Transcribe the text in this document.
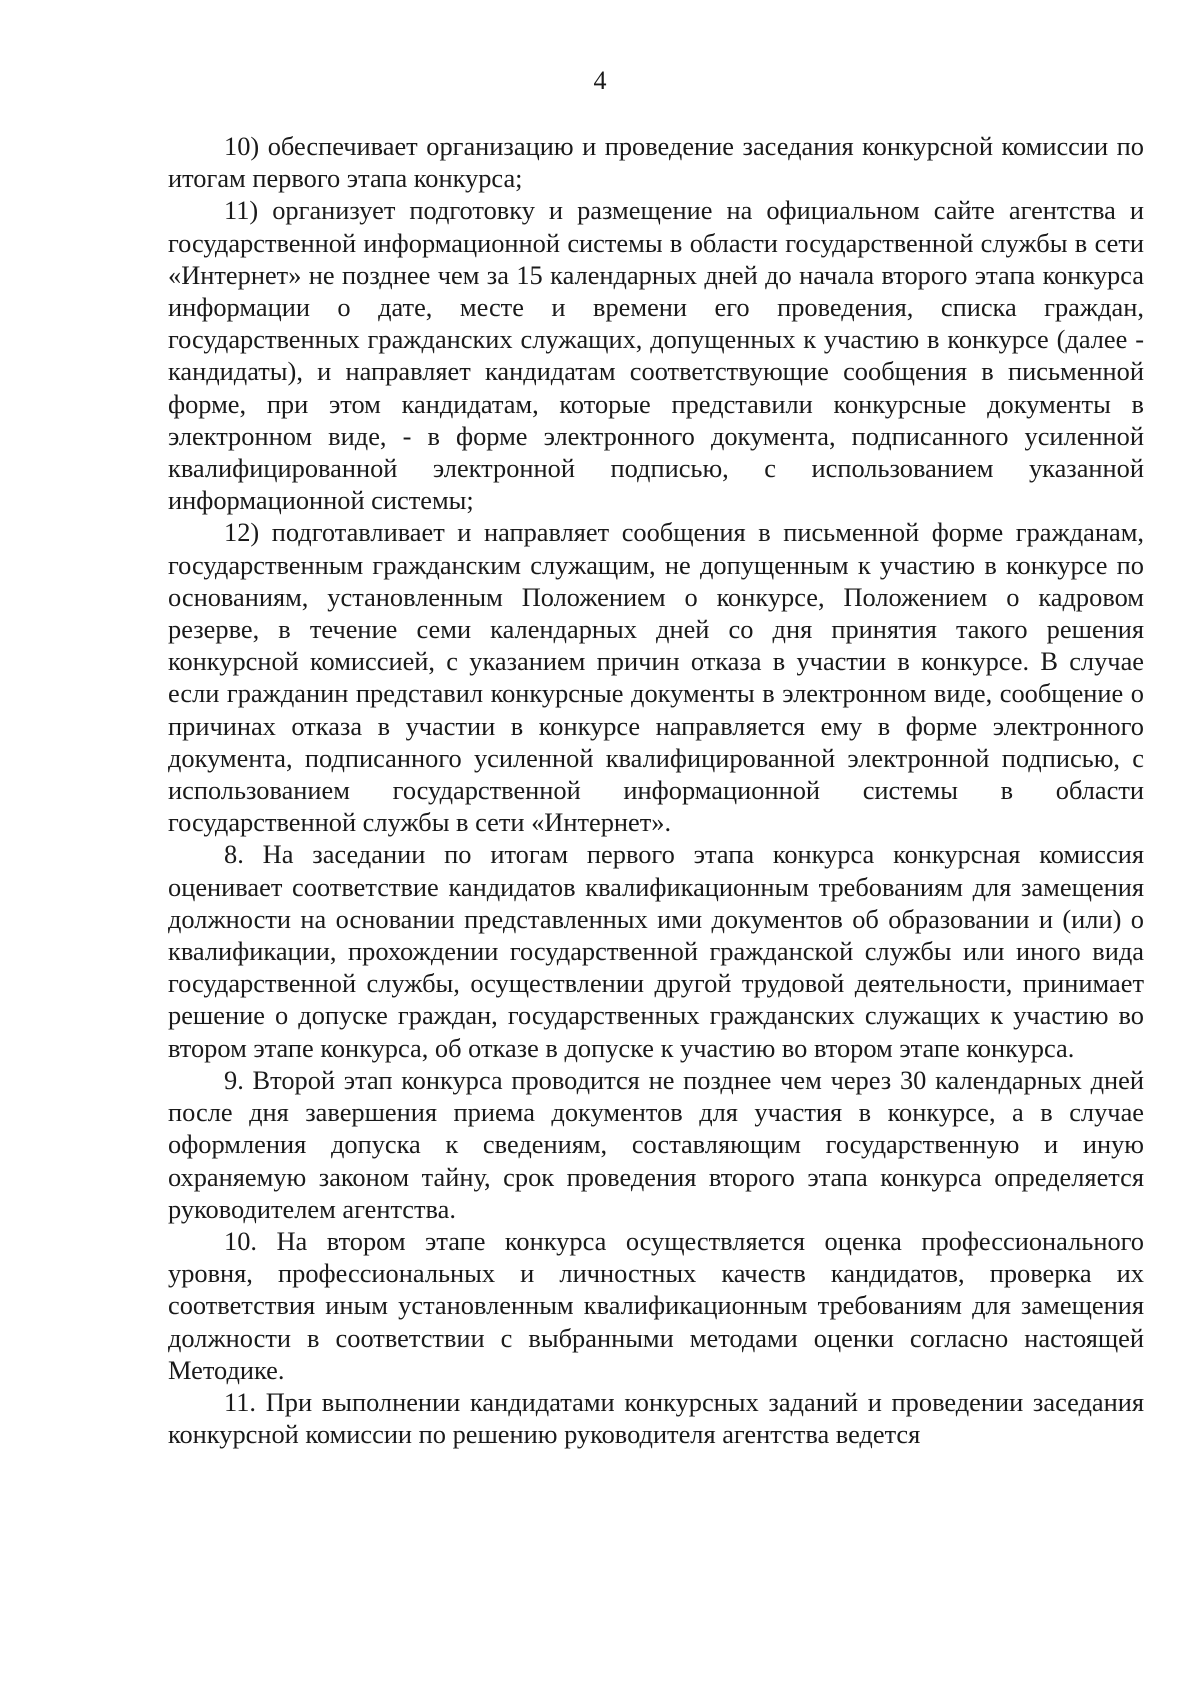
4

10) обеспечивает организацию и проведение заседания конкурсной комиссии по итогам первого этапа конкурса;

11) организует подготовку и размещение на официальном сайте агентства и государственной информационной системы в области государственной службы в сети «Интернет» не позднее чем за 15 календарных дней до начала второго этапа конкурса информации о дате, месте и времени его проведения, списка граждан, государственных гражданских служащих, допущенных к участию в конкурсе (далее - кандидаты), и направляет кандидатам соответствующие сообщения в письменной форме, при этом кандидатам, которые представили конкурсные документы в электронном виде, - в форме электронного документа, подписанного усиленной квалифицированной электронной подписью, с использованием указанной информационной системы;

12) подготавливает и направляет сообщения в письменной форме гражданам, государственным гражданским служащим, не допущенным к участию в конкурсе по основаниям, установленным Положением о конкурсе, Положением о кадровом резерве, в течение семи календарных дней со дня принятия такого решения конкурсной комиссией, с указанием причин отказа в участии в конкурсе. В случае если гражданин представил конкурсные документы в электронном виде, сообщение о причинах отказа в участии в конкурсе направляется ему в форме электронного документа, подписанного усиленной квалифицированной электронной подписью, с использованием государственной информационной системы в области государственной службы в сети «Интернет».

8. На заседании по итогам первого этапа конкурса конкурсная комиссия оценивает соответствие кандидатов квалификационным требованиям для замещения должности на основании представленных ими документов об образовании и (или) о квалификации, прохождении государственной гражданской службы или иного вида государственной службы, осуществлении другой трудовой деятельности, принимает решение о допуске граждан, государственных гражданских служащих к участию во втором этапе конкурса, об отказе в допуске к участию во втором этапе конкурса.

9. Второй этап конкурса проводится не позднее чем через 30 календарных дней после дня завершения приема документов для участия в конкурсе, а в случае оформления допуска к сведениям, составляющим государственную и иную охраняемую законом тайну, срок проведения второго этапа конкурса определяется руководителем агентства.

10. На втором этапе конкурса осуществляется оценка профессионального уровня, профессиональных и личностных качеств кандидатов, проверка их соответствия иным установленным квалификационным требованиям для замещения должности в соответствии с выбранными методами оценки согласно настоящей Методике.

11. При выполнении кандидатами конкурсных заданий и проведении заседания конкурсной комиссии по решению руководителя агентства ведется
